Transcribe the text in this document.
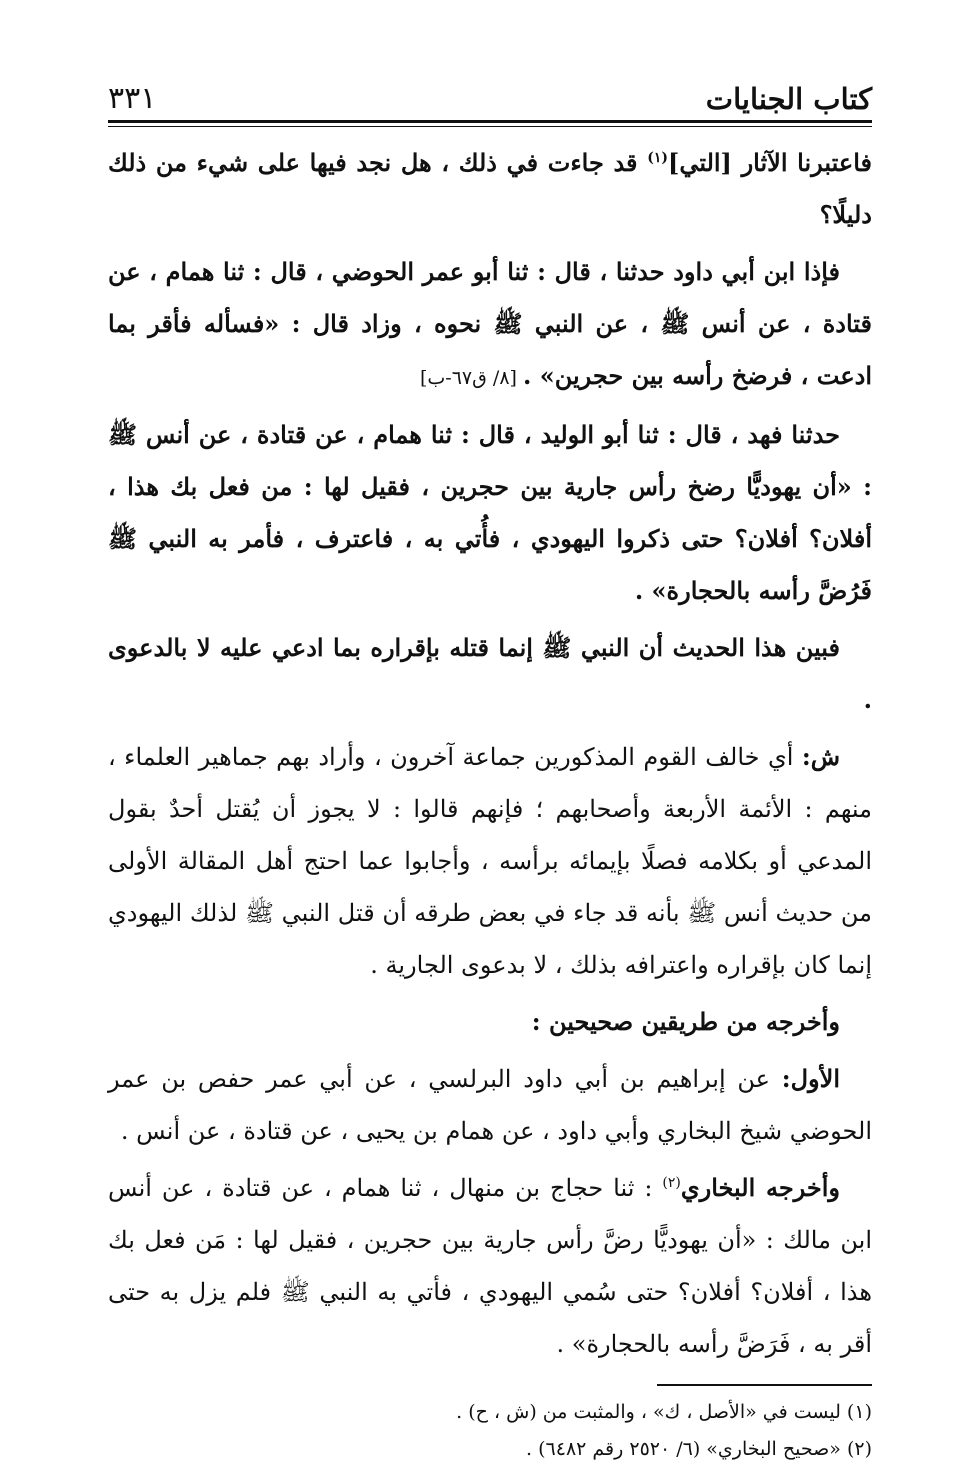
كتاب الجنايات
٣٣١

فاعتبرنا الآثار [التي]$^{(١)}$ قد جاءت في ذلك ، هل نجد فيها على شيء من ذلك دليلًا؟

فإذا ابن أبي داود حدثنا ، قال : ثنا أبو عمر الحوضي ، قال : ثنا همام ، عن قتادة ، عن أنس ﷺ ، عن النبي ﷺ نحوه ، وزاد قال : «فسأله فأقر بما ادعت ، فرضخ رأسه بين حجرين» . [٨/ ق٦٧-ب]

حدثنا فهد ، قال : ثنا أبو الوليد ، قال : ثنا همام ، عن قتادة ، عن أنس ﷺ : «أن يهوديًّا رضخ رأس جارية بين حجرين ، فقيل لها : من فعل بك هذا ، أفلان؟ أفلان؟ حتى ذكروا اليهودي ، فأُتي به ، فاعترف ، فأمر به النبي ﷺ فَرُضَّ رأسه بالحجارة» .

فبين هذا الحديث أن النبي ﷺ إنما قتله بإقراره بما ادعي عليه لا بالدعوى .

ش: أي خالف القوم المذكورين جماعة آخرون ، وأراد بهم جماهير العلماء ، منهم : الأئمة الأربعة وأصحابهم ؛ فإنهم قالوا : لا يجوز أن يُقتل أحدٌ بقول المدعي أو بكلامه فصلًا بإيمائه برأسه ، وأجابوا عما احتج أهل المقالة الأولى من حديث أنس ﷺ بأنه قد جاء في بعض طرقه أن قتل النبي ﷺ لذلك اليهودي إنما كان بإقراره واعترافه بذلك ، لا بدعوى الجارية .

وأخرجه من طريقين صحيحين :

الأول: عن إبراهيم بن أبي داود البرلسي ، عن أبي عمر حفص بن عمر الحوضي شيخ البخاري وأبي داود ، عن همام بن يحيى ، عن قتادة ، عن أنس .

وأخرجه البخاري$^{(٢)}$ : ثنا حجاج بن منهال ، ثنا همام ، عن قتادة ، عن أنس ابن مالك : «أن يهوديًّا رضَّ رأس جارية بين حجرين ، فقيل لها : مَن فعل بك هذا ، أفلان؟ أفلان؟ حتى سُمي اليهودي ، فأتي به النبي ﷺ فلم يزل به حتى أقر به ، فَرَضَّ رأسه بالحجارة» .

(١) ليست في «الأصل ، ك» ، والمثبت من (ش ، ح) .

(٢) «صحيح البخاري» (٦/ ٢٥٢٠ رقم ٦٤٨٢) .
